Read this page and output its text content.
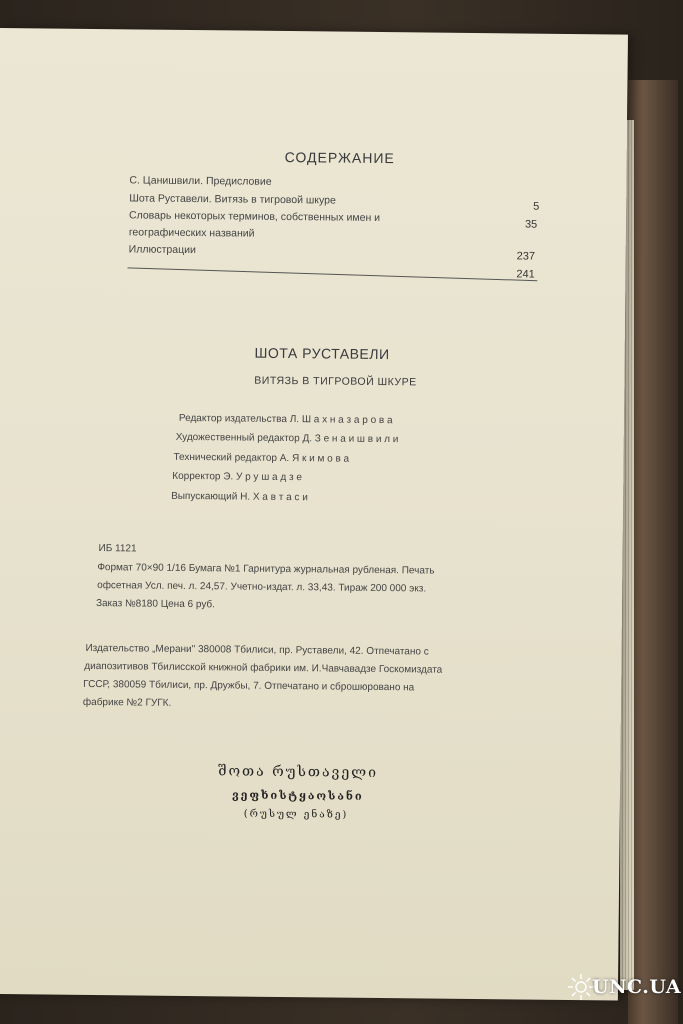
СОДЕРЖАНИЕ
С. Цанишвили. Предисловие
Шота Руставели. Витязь в тигровой шкуре
Словарь некоторых терминов, собственных имен и
географических названий
Иллюстрации
5
35
237
241
ШОТА РУСТАВЕЛИ
ВИТЯЗЬ В ТИГРОВОЙ ШКУРЕ
Редактор издательства Л. Ш а х н а з а р о в а
Художественный редактор Д. З е н а и ш в и л и
Технический редактор А. Я к и м о в а
Корректор Э. У р у ш а д з е
Выпускающий Н. Х а в т а с и
ИБ 1121
Формат 70×90 1/16 Бумага №1 Гарнитура журнальная рубленая. Печать
офсетная Усл. печ. л. 24,57. Учетно-издат. л. 33,43. Тираж 200 000 экз.
Заказ №8180 Цена 6 руб.
Издательство „Мерани" 380008 Тбилиси, пр. Руставели, 42. Отпечатано с
диапозитивов Тбилисской книжной фабрики им. И.Чавчавадзе Госкомиздата
ГССР, 380059 Тбилиси, пр. Дружбы, 7. Отпечатано и сброшюровано на
фабрике №2 ГУГК.
შოთა რუსთაველი
ვეფხისტყაოსანი
(რუსულ ენაზე)
UNC.UA
